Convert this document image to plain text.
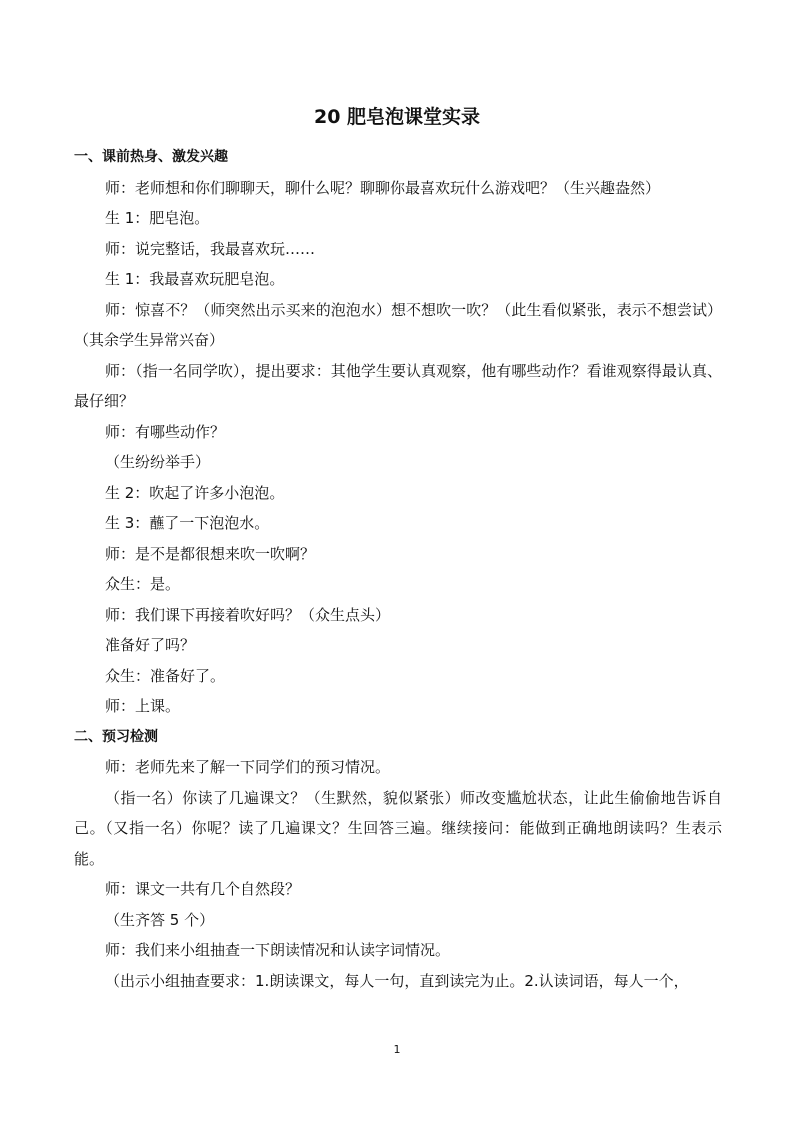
20 肥皂泡课堂实录
一、课前热身、激发兴趣

师：老师想和你们聊聊天，聊什么呢？聊聊你最喜欢玩什么游戏吧？（生兴趣盎然）

生 1：肥皂泡。

师：说完整话，我最喜欢玩……

生 1：我最喜欢玩肥皂泡。

师：惊喜不？（师突然出示买来的泡泡水）想不想吹一吹？（此生看似紧张，表示不想尝试）（其余学生异常兴奋）

师：（指一名同学吹），提出要求：其他学生要认真观察，他有哪些动作？看谁观察得最认真、最仔细？

师：有哪些动作？

（生纷纷举手）

生 2：吹起了许多小泡泡。

生 3：蘸了一下泡泡水。

师：是不是都很想来吹一吹啊？

众生：是。

师：我们课下再接着吹好吗？（众生点头）

准备好了吗？

众生：准备好了。

师：上课。

二、预习检测

师：老师先来了解一下同学们的预习情况。

（指一名）你读了几遍课文？（生默然，貌似紧张）师改变尴尬状态，让此生偷偷地告诉自己。（又指一名）你呢？读了几遍课文？生回答三遍。继续接问：能做到正确地朗读吗？生表示能。

师：课文一共有几个自然段？

（生齐答 5 个）

师：我们来小组抽查一下朗读情况和认读字词情况。

（出示小组抽查要求：1.朗读课文，每人一句，直到读完为止。2.认读词语，每人一个，

1
